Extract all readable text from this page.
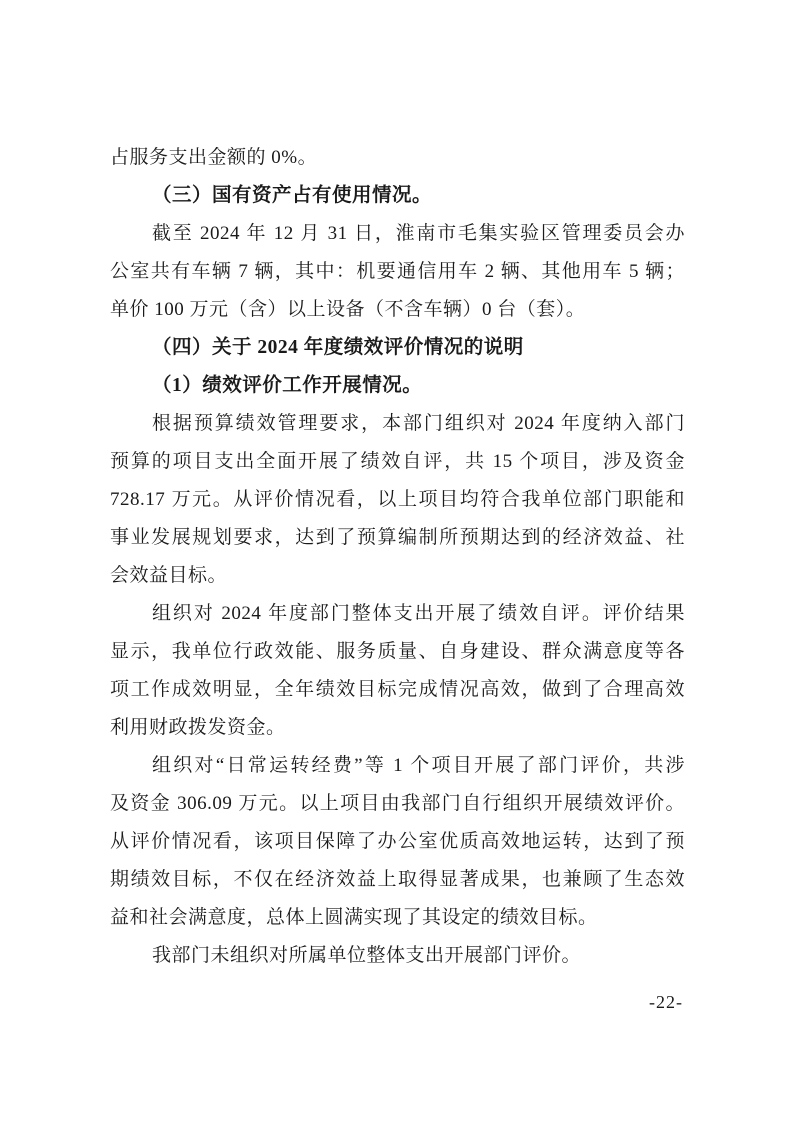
占服务支出金额的 0%。
（三）国有资产占有使用情况。
截至 2024 年 12 月 31 日，淮南市毛集实验区管理委员会办
公室共有车辆 7 辆，其中：机要通信用车 2 辆、其他用车 5 辆；
单价 100 万元（含）以上设备（不含车辆）0 台（套）。
（四）关于 2024 年度绩效评价情况的说明
（1）绩效评价工作开展情况。
根据预算绩效管理要求，本部门组织对 2024 年度纳入部门
预算的项目支出全面开展了绩效自评，共 15 个项目，涉及资金
728.17 万元。从评价情况看，以上项目均符合我单位部门职能和
事业发展规划要求，达到了预算编制所预期达到的经济效益、社
会效益目标。
组织对 2024 年度部门整体支出开展了绩效自评。评价结果
显示，我单位行政效能、服务质量、自身建设、群众满意度等各
项工作成效明显，全年绩效目标完成情况高效，做到了合理高效
利用财政拨发资金。
组织对“日常运转经费”等 1 个项目开展了部门评价，共涉
及资金 306.09 万元。以上项目由我部门自行组织开展绩效评价。
从评价情况看，该项目保障了办公室优质高效地运转，达到了预
期绩效目标，不仅在经济效益上取得显著成果，也兼顾了生态效
益和社会满意度，总体上圆满实现了其设定的绩效目标。
我部门未组织对所属单位整体支出开展部门评价。
-22-
